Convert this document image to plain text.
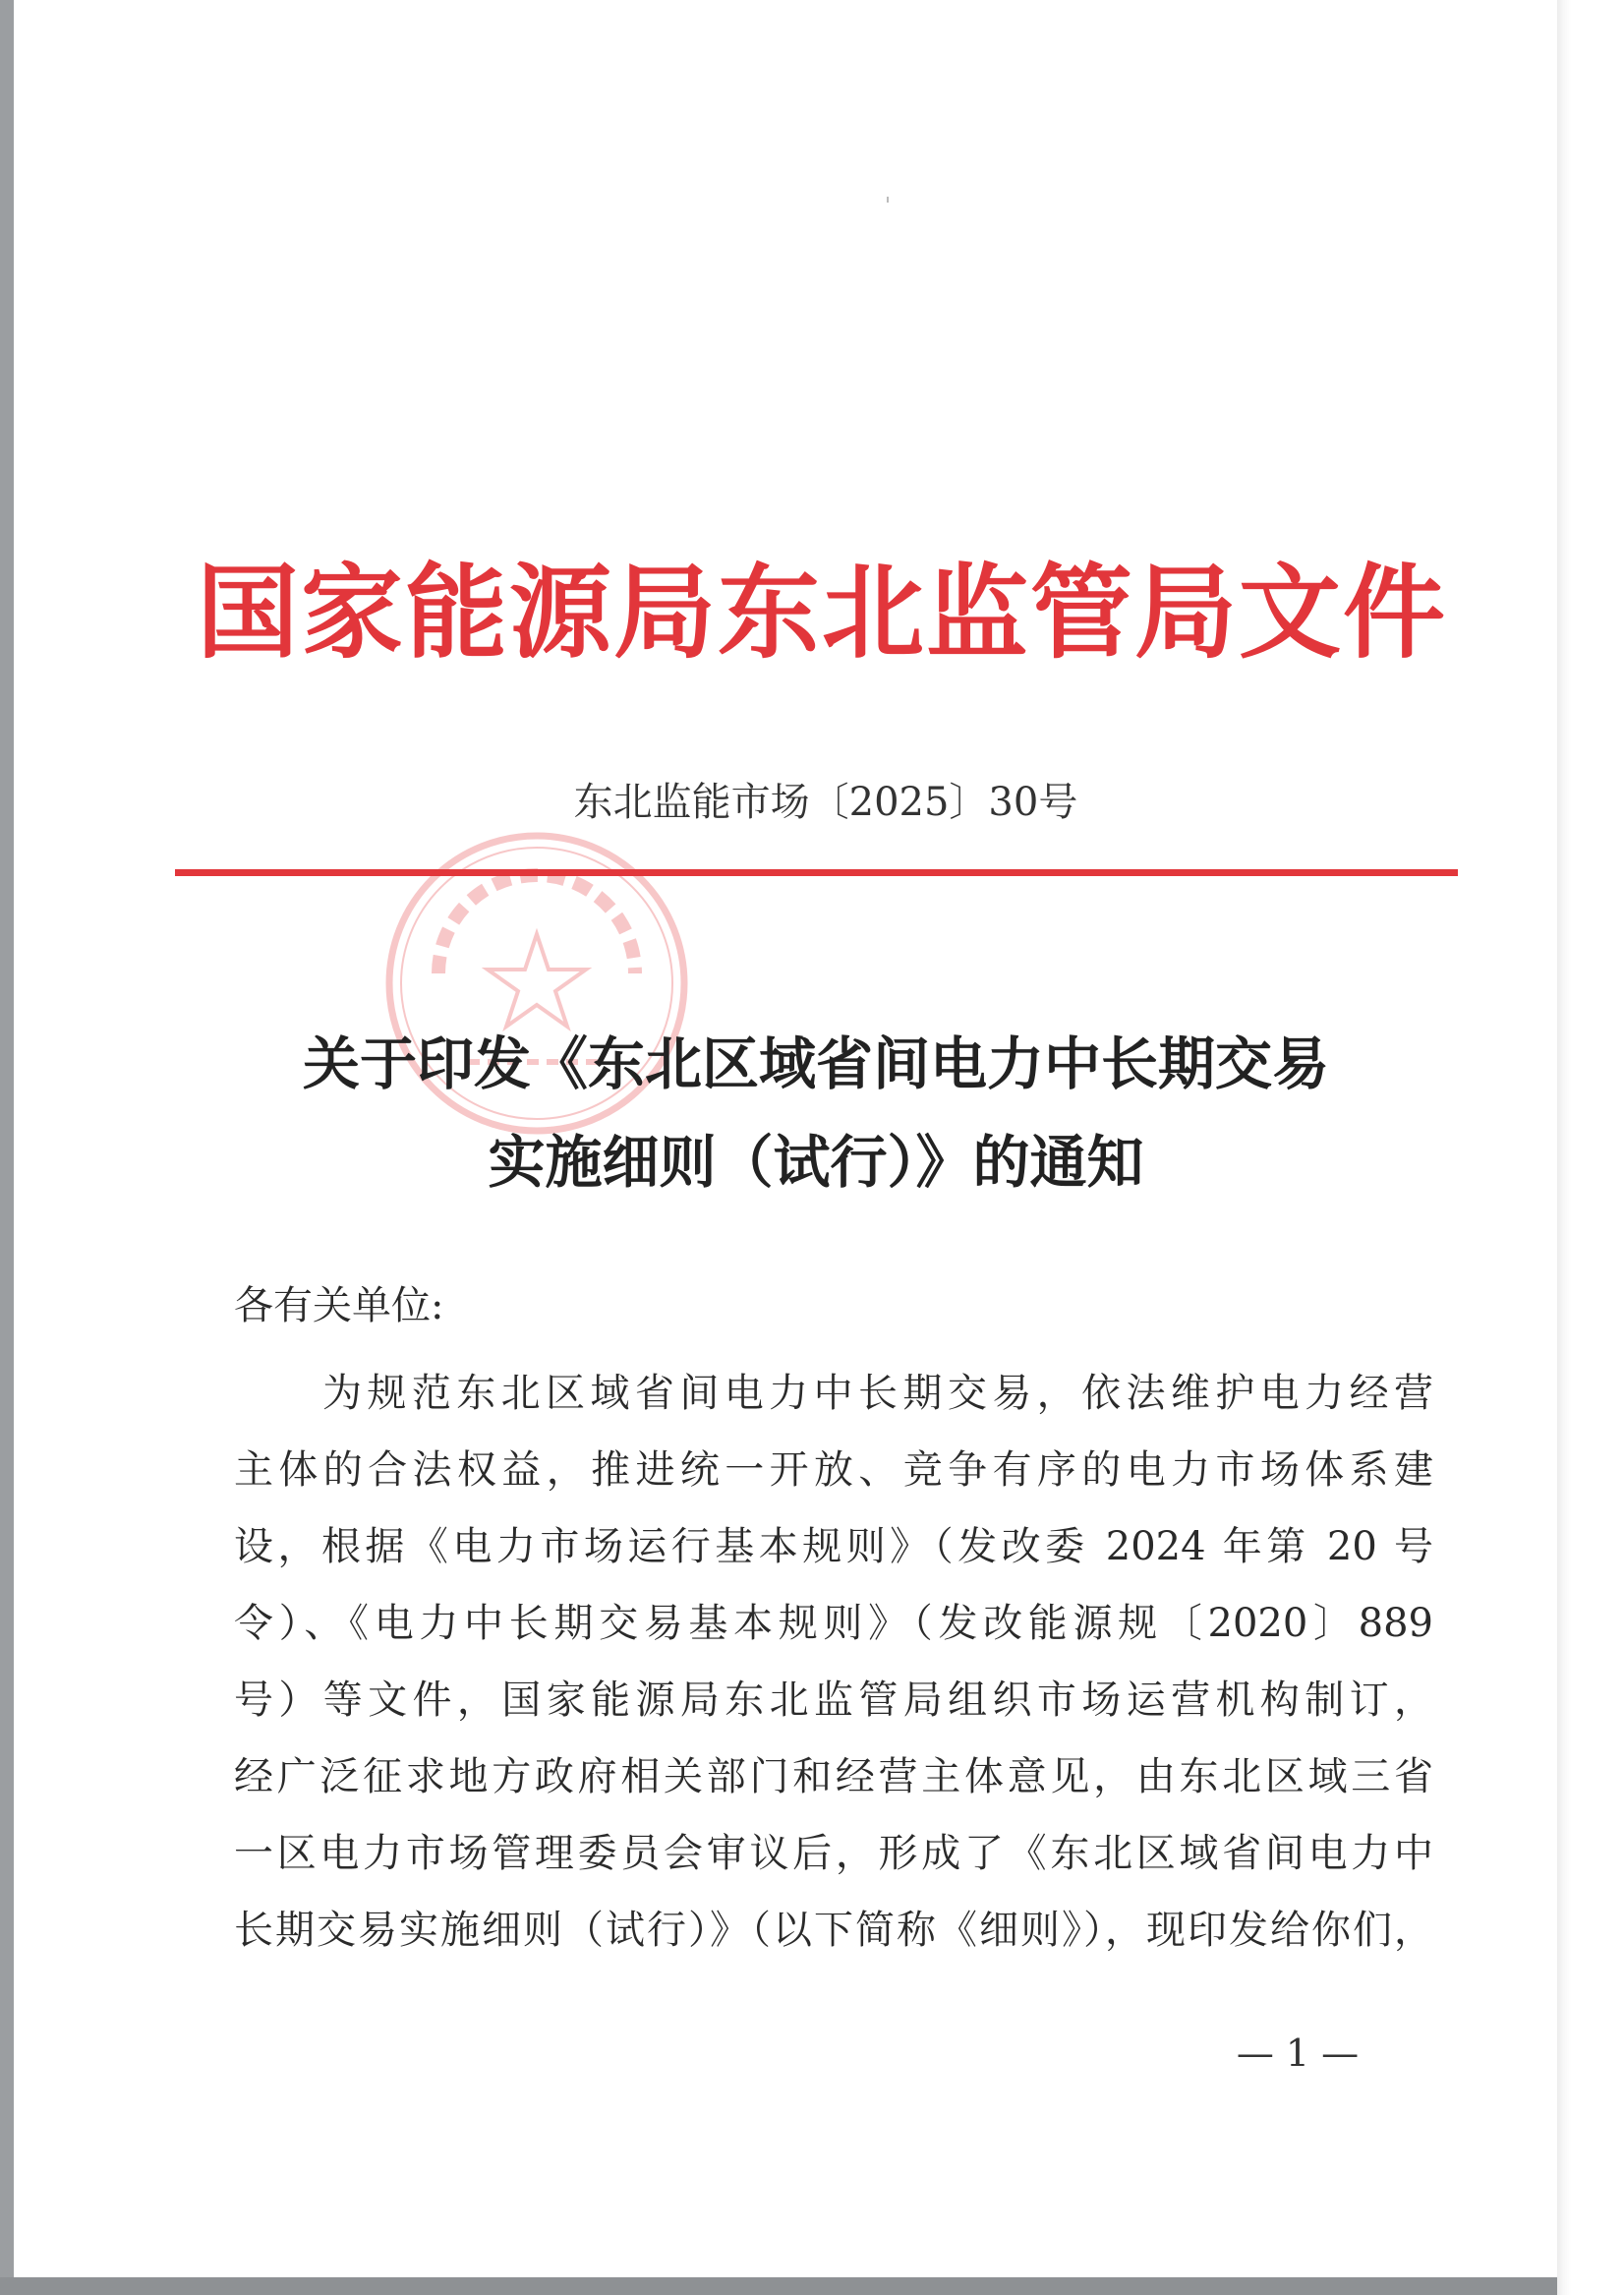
国家能源局东北监管局文件
东北监能市场〔2025〕30号
关于印发《东北区域省间电力中长期交易
实施细则（试行）》的通知
各有关单位:
为规范东北区域省间电力中长期交易，依法维护电力经营
主体的合法权益，推进统一开放、竞争有序的电力市场体系建
设，根据《电力市场运行基本规则》（发改委 2024 年第 20 号
令）、《电力中长期交易基本规则》（发改能源规〔2020〕889
号）等文件，国家能源局东北监管局组织市场运营机构制订，
经广泛征求地方政府相关部门和经营主体意见，由东北区域三省
一区电力市场管理委员会审议后，形成了《东北区域省间电力中
长期交易实施细则（试行）》（以下简称《细则》），现印发给你们，
— 1 —
